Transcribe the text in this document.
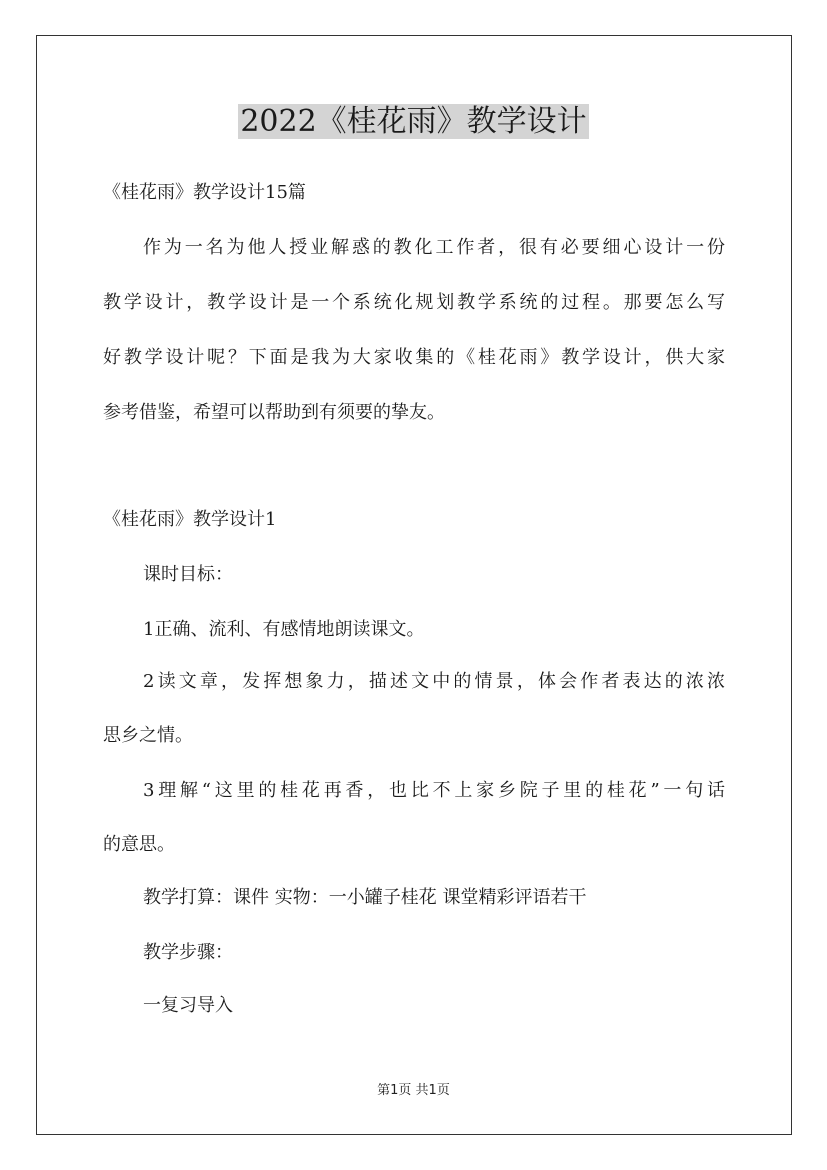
2022《桂花雨》教学设计

《桂花雨》教学设计15篇

作为一名为他人授业解惑的教化工作者，很有必要细心设计一份

教学设计，教学设计是一个系统化规划教学系统的过程。那要怎么写

好教学设计呢？下面是我为大家收集的《桂花雨》教学设计，供大家

参考借鉴，希望可以帮助到有须要的挚友。

《桂花雨》教学设计1

课时目标：

1正确、流利、有感情地朗读课文。

2读文章，发挥想象力，描述文中的情景，体会作者表达的浓浓

思乡之情。

3理解“这里的桂花再香，也比不上家乡院子里的桂花”一句话

的意思。

教学打算：课件 实物：一小罐子桂花 课堂精彩评语若干

教学步骤：

一复习导入

第1页 共1页
